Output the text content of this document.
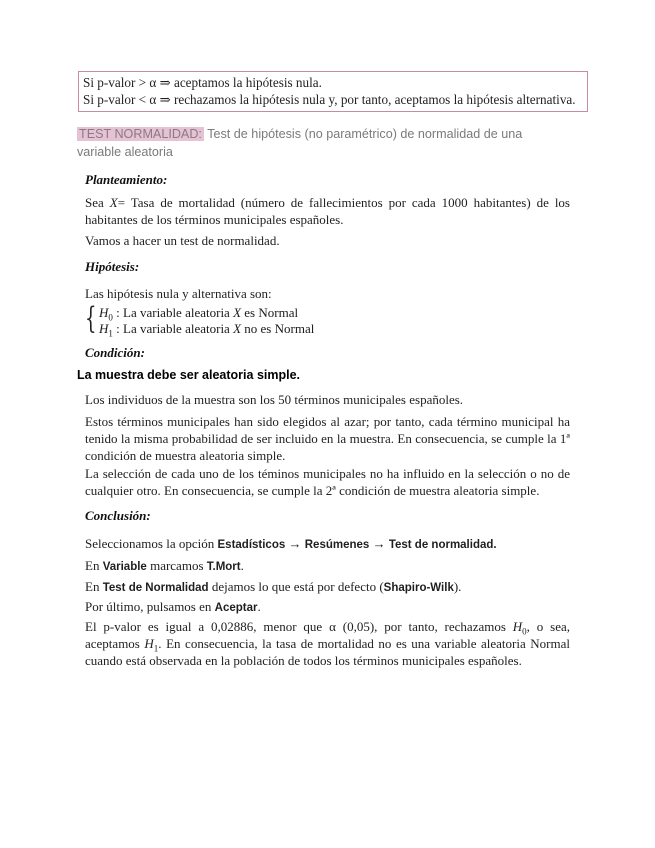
Si p-valor > α ⇒ aceptamos la hipótesis nula.
Si p-valor < α ⇒ rechazamos la hipótesis nula y, por tanto, aceptamos la hipótesis alternativa.
TEST NORMALIDAD: Test de hipótesis (no paramétrico) de normalidad de una variable aleatoria
Planteamiento:
Sea X= Tasa de mortalidad (número de fallecimientos por cada 1000 habitantes) de los habitantes de los términos municipales españoles.
Vamos a hacer un test de normalidad.
Hipótesis:
Las hipótesis nula y alternativa son:
{ $H_0$ : La variable aleatoria X es Normal
$H_1$ : La variable aleatoria X no es Normal
Condición:
La muestra debe ser aleatoria simple.
Los individuos de la muestra son los 50 términos municipales españoles.
Estos términos municipales han sido elegidos al azar; por tanto, cada término municipal ha tenido la misma probabilidad de ser incluido en la muestra. En consecuencia, se cumple la 1ª condición de muestra aleatoria simple.
La selección de cada uno de los téminos municipales no ha influido en la selección o no de cualquier otro. En consecuencia, se cumple la 2ª condición de muestra aleatoria simple.
Conclusión:
Seleccionamos la opción Estadísticos → Resúmenes → Test de normalidad.
En Variable marcamos T.Mort.
En Test de Normalidad dejamos lo que está por defecto (Shapiro-Wilk).
Por último, pulsamos en Aceptar.
El p-valor es igual a 0,02886, menor que α (0,05), por tanto, rechazamos $H_0$, o sea, aceptamos $H_1$. En consecuencia, la tasa de mortalidad no es una variable aleatoria Normal cuando está observada en la población de todos los términos municipales españoles.
